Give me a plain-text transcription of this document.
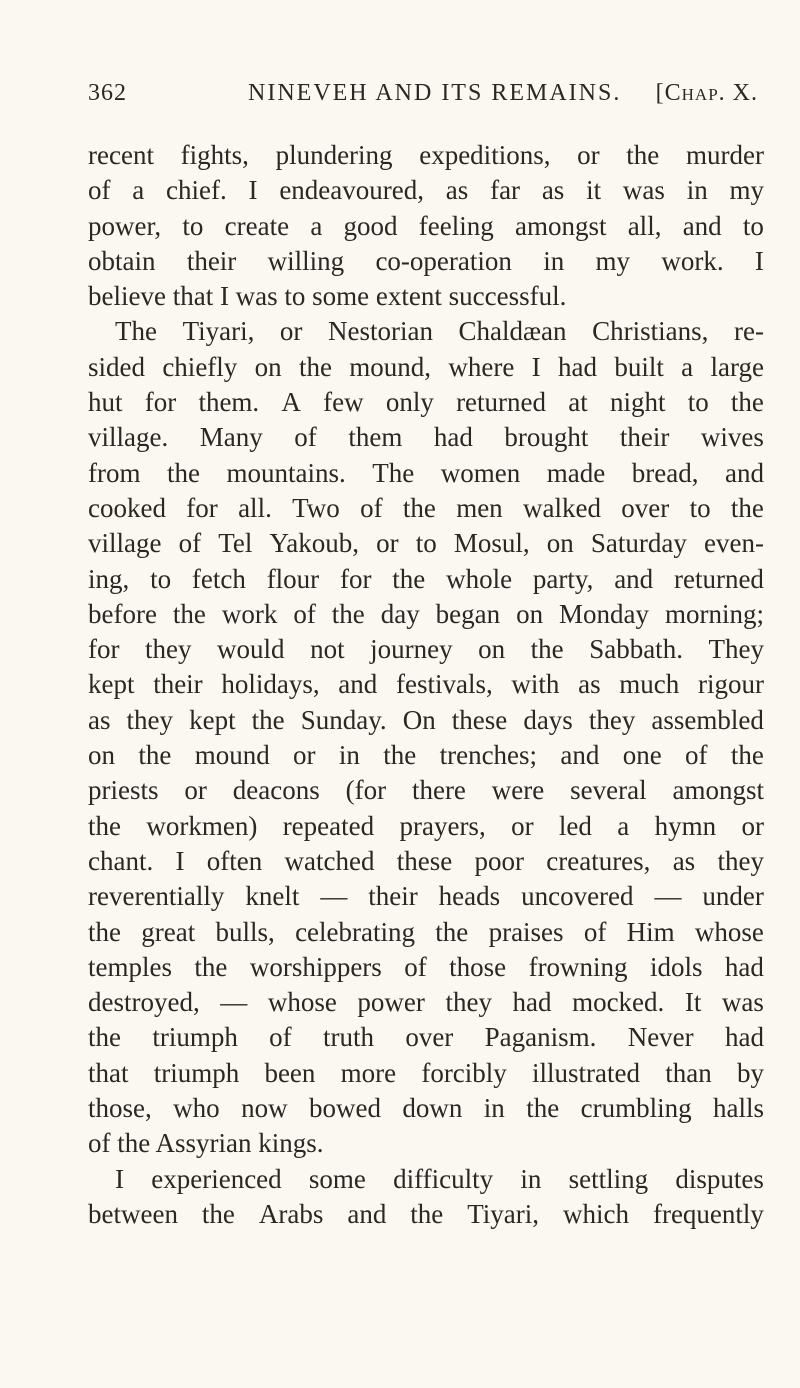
362	NINEVEH AND ITS REMAINS. [Chap. X.
recent fights, plundering expeditions, or the murder
of a chief. I endeavoured, as far as it was in my
power, to create a good feeling amongst all, and to
obtain their willing co-operation in my work. I
believe that I was to some extent successful.
The Tiyari, or Nestorian Chaldæan Christians, re-
sided chiefly on the mound, where I had built a large
hut for them. A few only returned at night to the
village. Many of them had brought their wives
from the mountains. The women made bread, and
cooked for all. Two of the men walked over to the
village of Tel Yakoub, or to Mosul, on Saturday even-
ing, to fetch flour for the whole party, and returned
before the work of the day began on Monday morning;
for they would not journey on the Sabbath. They
kept their holidays, and festivals, with as much rigour
as they kept the Sunday. On these days they assembled
on the mound or in the trenches; and one of the
priests or deacons (for there were several amongst
the workmen) repeated prayers, or led a hymn or
chant. I often watched these poor creatures, as they
reverentially knelt — their heads uncovered — under
the great bulls, celebrating the praises of Him whose
temples the worshippers of those frowning idols had
destroyed, — whose power they had mocked. It was
the triumph of truth over Paganism. Never had
that triumph been more forcibly illustrated than by
those, who now bowed down in the crumbling halls
of the Assyrian kings.
I experienced some difficulty in settling disputes
between the Arabs and the Tiyari, which frequently
